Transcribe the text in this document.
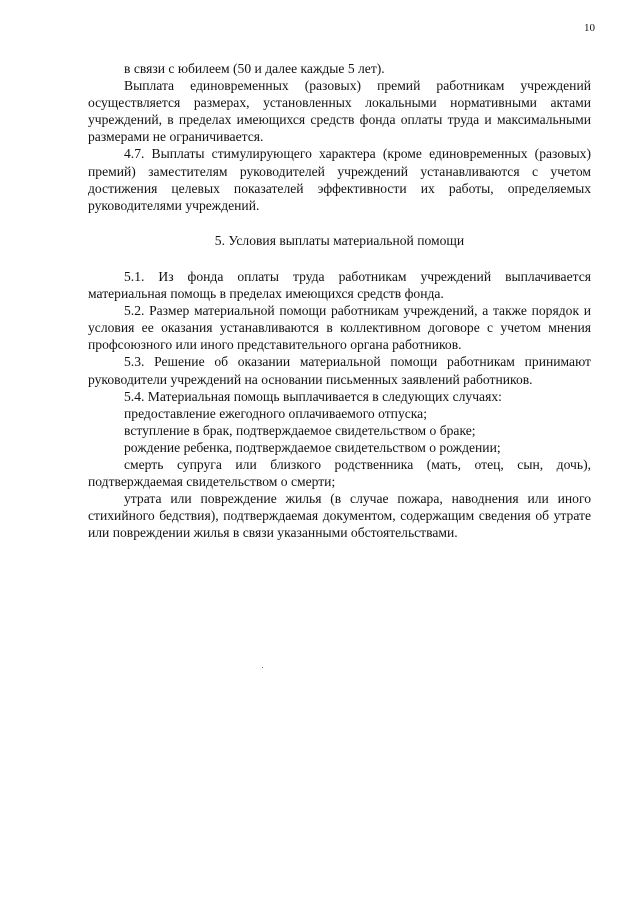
10

в связи с юбилеем (50 и далее каждые 5 лет).

Выплата единовременных (разовых) премий работникам учреждений осуществляется размерах, установленных локальными нормативными актами учреждений, в пределах имеющихся средств фонда оплаты труда и максимальными размерами не ограничивается.

4.7. Выплаты стимулирующего характера (кроме единовременных (разовых) премий) заместителям руководителей учреждений устанавливаются с учетом достижения целевых показателей эффективности их работы, определяемых руководителями учреждений.

5. Условия выплаты материальной помощи

5.1. Из фонда оплаты труда работникам учреждений выплачивается материальная помощь в пределах имеющихся средств фонда.

5.2. Размер материальной помощи работникам учреждений, а также порядок и условия ее оказания устанавливаются в коллективном договоре с учетом мнения профсоюзного или иного представительного органа работников.

5.3. Решение об оказании материальной помощи работникам принимают руководители учреждений на основании письменных заявлений работников.

5.4. Материальная помощь выплачивается в следующих случаях:

предоставление ежегодного оплачиваемого отпуска;

вступление в брак, подтверждаемое свидетельством о браке;

рождение ребенка, подтверждаемое свидетельством о рождении;

смерть супруга или близкого родственника (мать, отец, сын, дочь), подтверждаемая свидетельством о смерти;

утрата или повреждение жилья (в случае пожара, наводнения или иного стихийного бедствия), подтверждаемая документом, содержащим сведения об утрате или повреждении жилья в связи указанными обстоятельствами.
